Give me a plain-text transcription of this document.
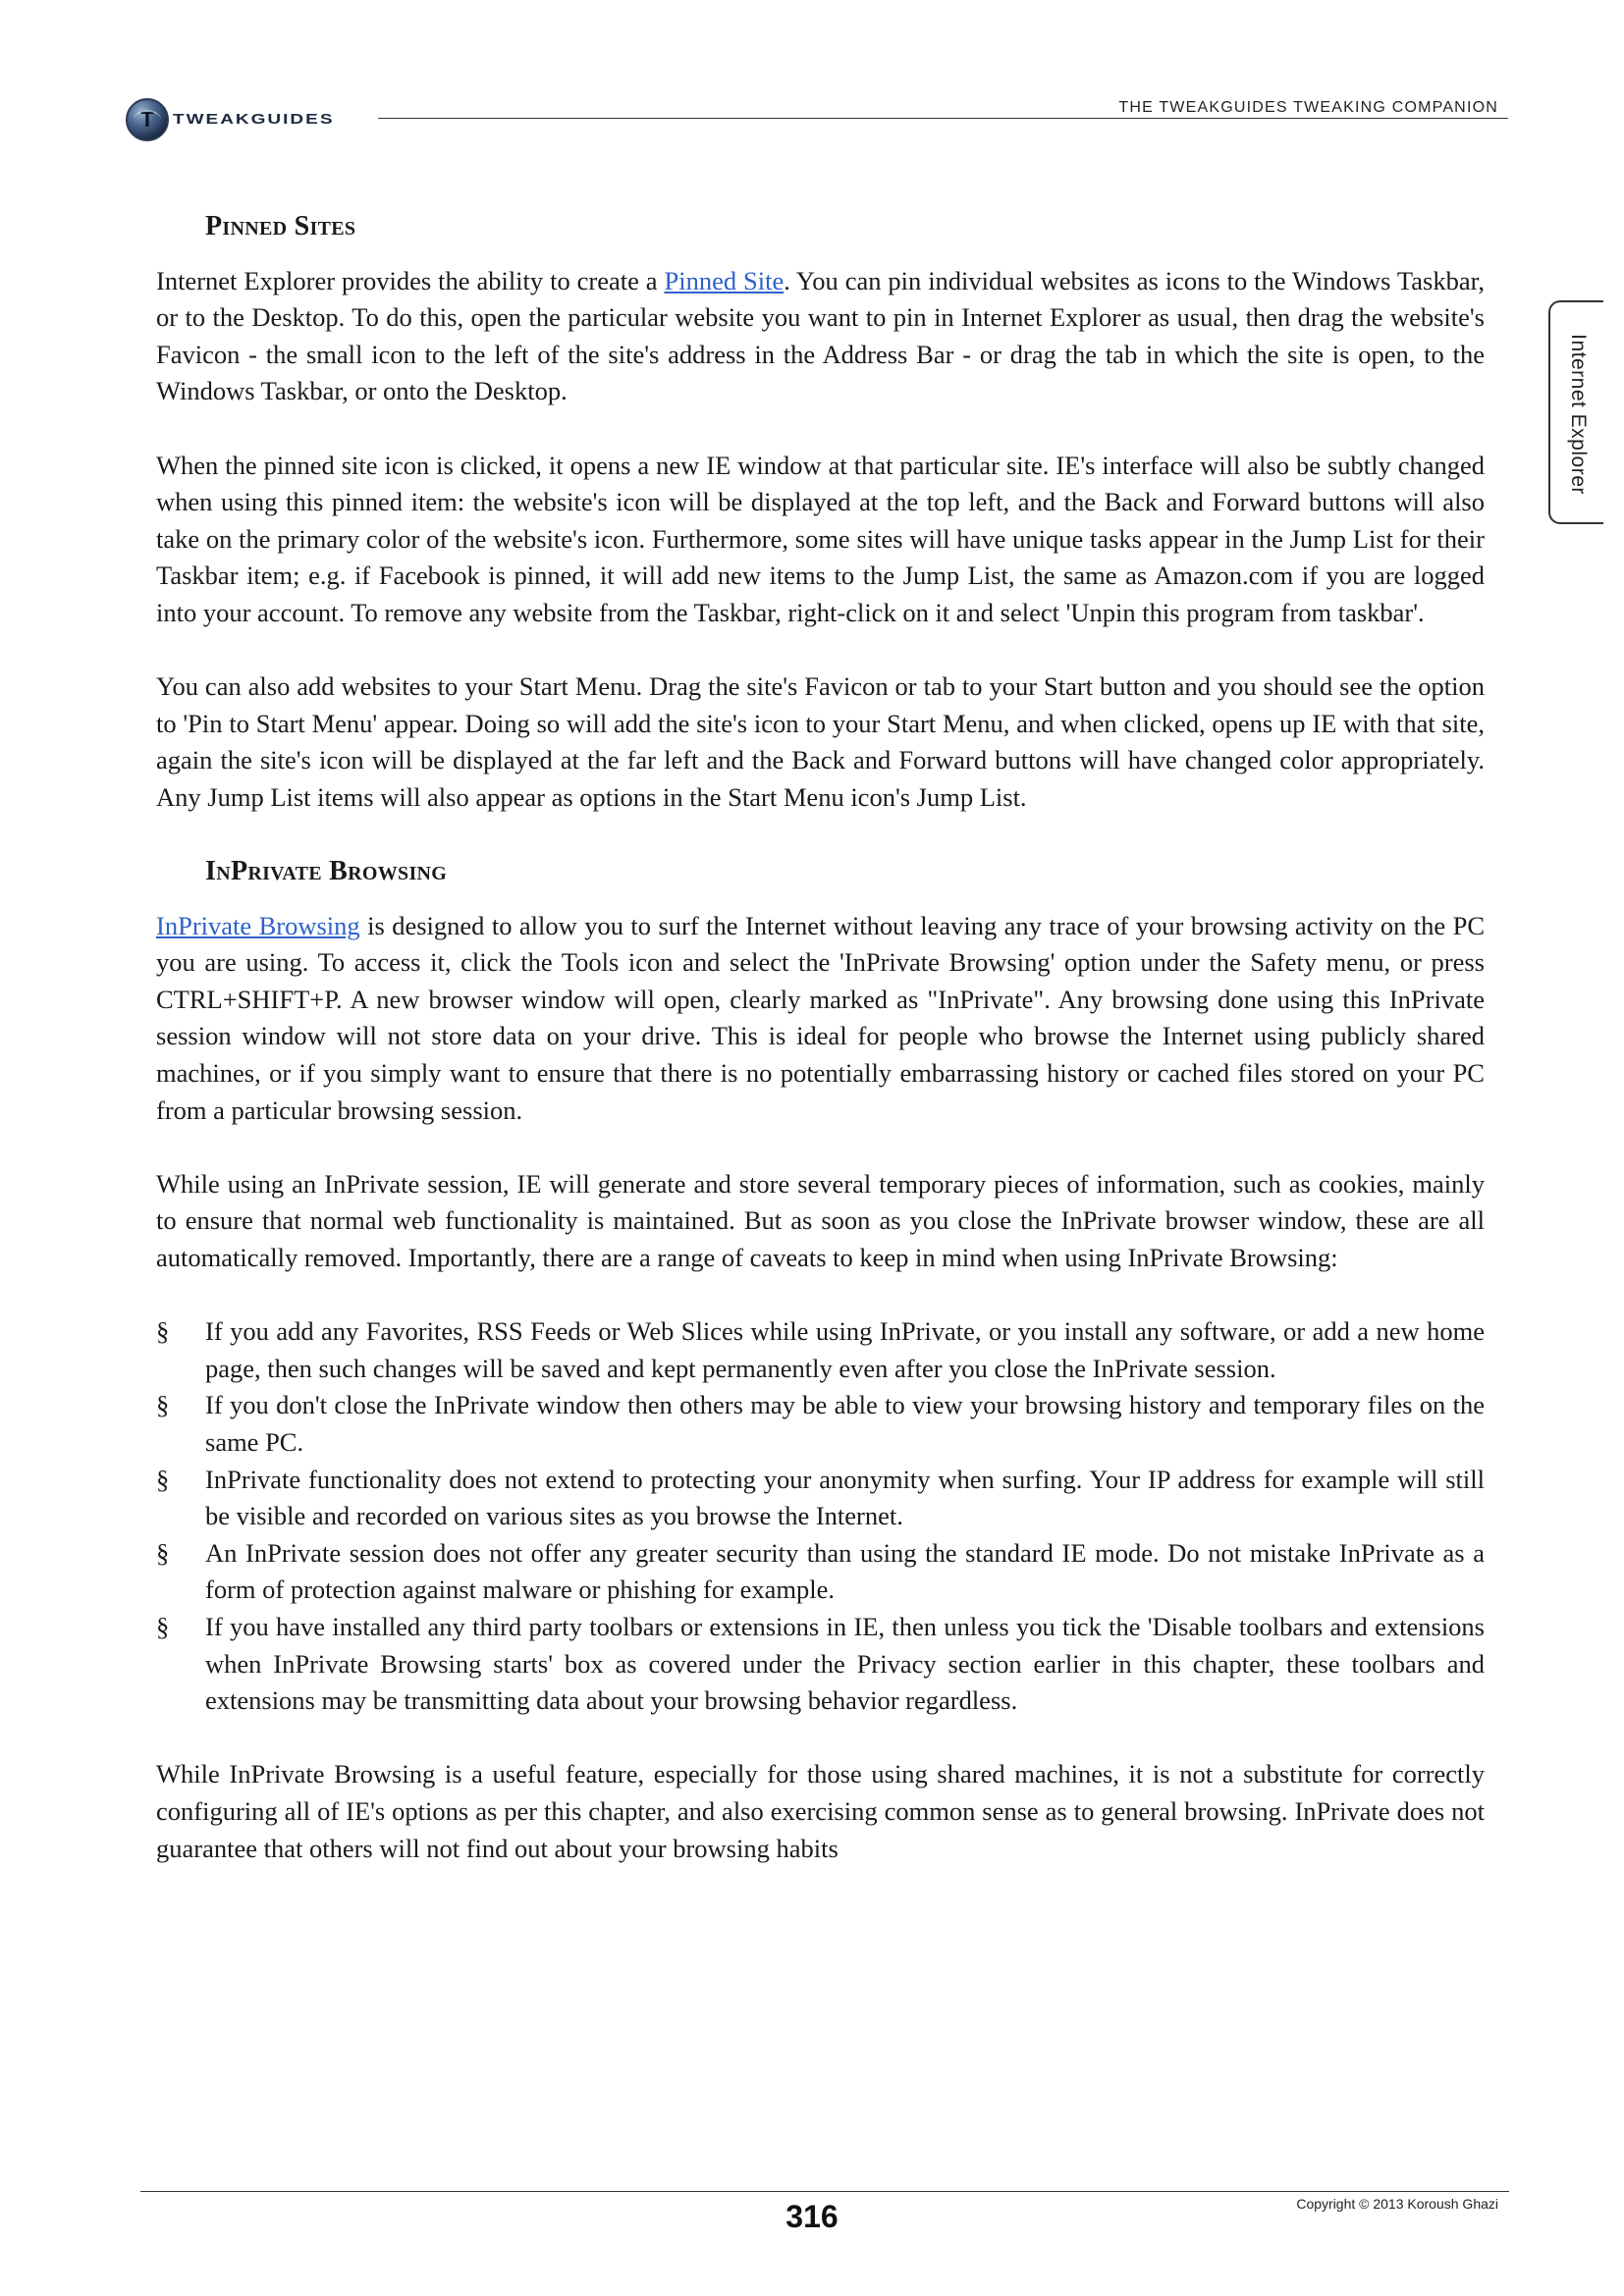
T	TWEAKGUIDES
THE TWEAKGUIDES TWEAKING COMPANION
Internet Explorer
Pinned Sites

Internet Explorer provides the ability to create a Pinned Site. You can pin individual websites as icons to the Windows Taskbar, or to the Desktop. To do this, open the particular website you want to pin in Internet Explorer as usual, then drag the website's Favicon - the small icon to the left of the site's address in the Address Bar - or drag the tab in which the site is open, to the Windows Taskbar, or onto the Desktop.

When the pinned site icon is clicked, it opens a new IE window at that particular site. IE's interface will also be subtly changed when using this pinned item: the website's icon will be displayed at the top left, and the Back and Forward buttons will also take on the primary color of the website's icon. Furthermore, some sites will have unique tasks appear in the Jump List for their Taskbar item; e.g. if Facebook is pinned, it will add new items to the Jump List, the same as Amazon.com if you are logged into your account. To remove any website from the Taskbar, right-click on it and select 'Unpin this program from taskbar'.

You can also add websites to your Start Menu. Drag the site's Favicon or tab to your Start button and you should see the option to 'Pin to Start Menu' appear. Doing so will add the site's icon to your Start Menu, and when clicked, opens up IE with that site, again the site's icon will be displayed at the far left and the Back and Forward buttons will have changed color appropriately. Any Jump List items will also appear as options in the Start Menu icon's Jump List.

InPrivate Browsing

InPrivate Browsing is designed to allow you to surf the Internet without leaving any trace of your browsing activity on the PC you are using. To access it, click the Tools icon and select the 'InPrivate Browsing' option under the Safety menu, or press CTRL+SHIFT+P. A new browser window will open, clearly marked as "InPrivate". Any browsing done using this InPrivate session window will not store data on your drive. This is ideal for people who browse the Internet using publicly shared machines, or if you simply want to ensure that there is no potentially embarrassing history or cached files stored on your PC from a particular browsing session.

While using an InPrivate session, IE will generate and store several temporary pieces of information, such as cookies, mainly to ensure that normal web functionality is maintained. But as soon as you close the InPrivate browser window, these are all automatically removed. Importantly, there are a range of caveats to keep in mind when using InPrivate Browsing:

§ If you add any Favorites, RSS Feeds or Web Slices while using InPrivate, or you install any software, or add a new home page, then such changes will be saved and kept permanently even after you close the InPrivate session.
§ If you don't close the InPrivate window then others may be able to view your browsing history and temporary files on the same PC.
§ InPrivate functionality does not extend to protecting your anonymity when surfing. Your IP address for example will still be visible and recorded on various sites as you browse the Internet.
§ An InPrivate session does not offer any greater security than using the standard IE mode. Do not mistake InPrivate as a form of protection against malware or phishing for example.
§ If you have installed any third party toolbars or extensions in IE, then unless you tick the 'Disable toolbars and extensions when InPrivate Browsing starts' box as covered under the Privacy section earlier in this chapter, these toolbars and extensions may be transmitting data about your browsing behavior regardless.

While InPrivate Browsing is a useful feature, especially for those using shared machines, it is not a substitute for correctly configuring all of IE's options as per this chapter, and also exercising common sense as to general browsing. InPrivate does not guarantee that others will not find out about your browsing habits

316	Copyright © 2013 Koroush Ghazi
